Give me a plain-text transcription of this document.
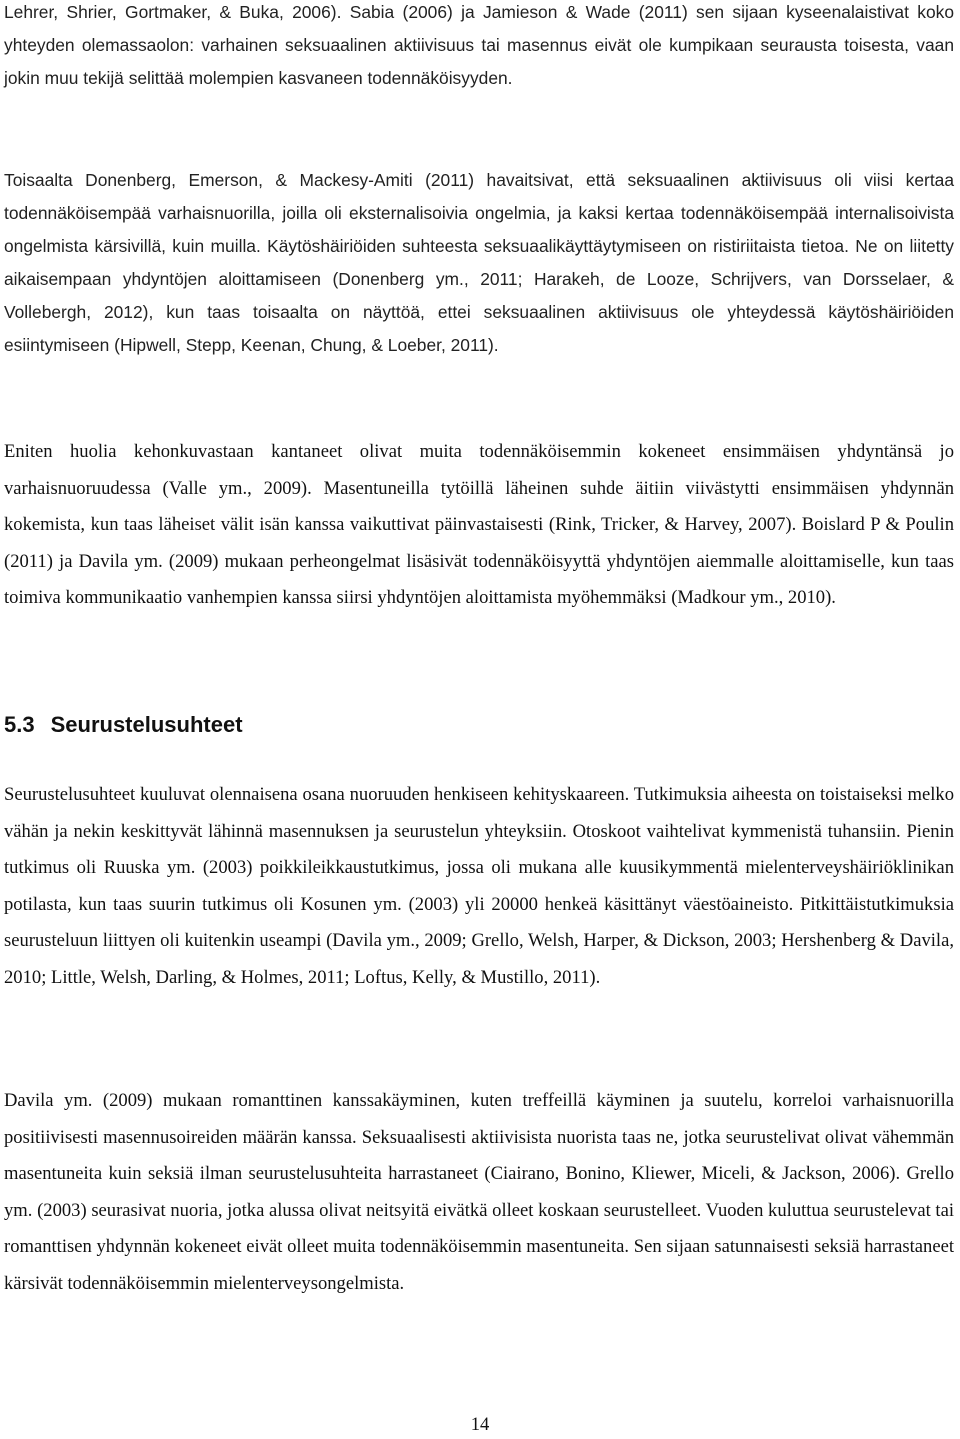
Lehrer, Shrier, Gortmaker, & Buka, 2006). Sabia (2006) ja Jamieson & Wade (2011) sen sijaan kyseenalaistivat koko yhteyden olemassaolon: varhainen seksuaalinen aktiivisuus tai masennus eivät ole kumpikaan seurausta toisesta, vaan jokin muu tekijä selittää molempien kasvaneen todennäköisyyden.

Toisaalta Donenberg, Emerson, & Mackesy-Amiti (2011) havaitsivat, että seksuaalinen aktiivisuus oli viisi kertaa todennäköisempää varhaisnuorilla, joilla oli eksternalisoivia ongelmia, ja kaksi kertaa todennäköisempää internalisoivista ongelmista kärsivillä, kuin muilla. Käytöshäiriöiden suhteesta seksuaalikäyttäytymiseen on ristiriitaista tietoa. Ne on liitetty aikaisempaan yhdyntöjen aloittamiseen (Donenberg ym., 2011; Harakeh, de Looze, Schrijvers, van Dorsselaer, & Vollebergh, 2012), kun taas toisaalta on näyttöä, ettei seksuaalinen aktiivisuus ole yhteydessä käytöshäiriöiden esiintymiseen (Hipwell, Stepp, Keenan, Chung, & Loeber, 2011).

Eniten huolia kehonkuvastaan kantaneet olivat muita todennäköisemmin kokeneet ensimmäisen yhdyntänsä jo varhaisnuoruudessa (Valle ym., 2009). Masentuneilla tytöillä läheinen suhde äitiin viivästytti ensimmäisen yhdynnän kokemista, kun taas läheiset välit isän kanssa vaikuttivat päinvastaisesti (Rink, Tricker, & Harvey, 2007). Boislard P & Poulin (2011) ja Davila ym. (2009) mukaan perheongelmat lisäsivät todennäköisyyttä yhdyntöjen aiemmalle aloittamiselle, kun taas toimiva kommunikaatio vanhempien kanssa siirsi yhdyntöjen aloittamista myöhemmäksi (Madkour ym., 2010).

5.3 Seurustelusuhteet

Seurustelusuhteet kuuluvat olennaisena osana nuoruuden henkiseen kehityskaareen. Tutkimuksia aiheesta on toistaiseksi melko vähän ja nekin keskittyvät lähinnä masennuksen ja seurustelun yhteyksiin. Otoskoot vaihtelivat kymmenistä tuhansiin. Pienin tutkimus oli Ruuska ym. (2003) poikkileikkaustutkimus, jossa oli mukana alle kuusikymmentä mielenterveyshäiriöklinikan potilasta, kun taas suurin tutkimus oli Kosunen ym. (2003) yli 20000 henkeä käsittänyt väestöaineisto. Pitkittäistutkimuksia seurusteluun liittyen oli kuitenkin useampi (Davila ym., 2009; Grello, Welsh, Harper, & Dickson, 2003; Hershenberg & Davila, 2010; Little, Welsh, Darling, & Holmes, 2011; Loftus, Kelly, & Mustillo, 2011).

Davila ym. (2009) mukaan romanttinen kanssakäyminen, kuten treffeillä käyminen ja suutelu, korreloi varhaisnuorilla positiivisesti masennusoireiden määrän kanssa. Seksuaalisesti aktiivisista nuorista taas ne, jotka seurustelivat olivat vähemmän masentuneita kuin seksiä ilman seurustelusuhteita harrastaneet (Ciairano, Bonino, Kliewer, Miceli, & Jackson, 2006). Grello ym. (2003) seurasivat nuoria, jotka alussa olivat neitsyitä eivätkä olleet koskaan seurustelleet. Vuoden kuluttua seurustelevat tai romanttisen yhdynnän kokeneet eivät olleet muita todennäköisemmin masentuneita. Sen sijaan satunnaisesti seksiä harrastaneet kärsivät todennäköisemmin mielenterveysongelmista.

14
